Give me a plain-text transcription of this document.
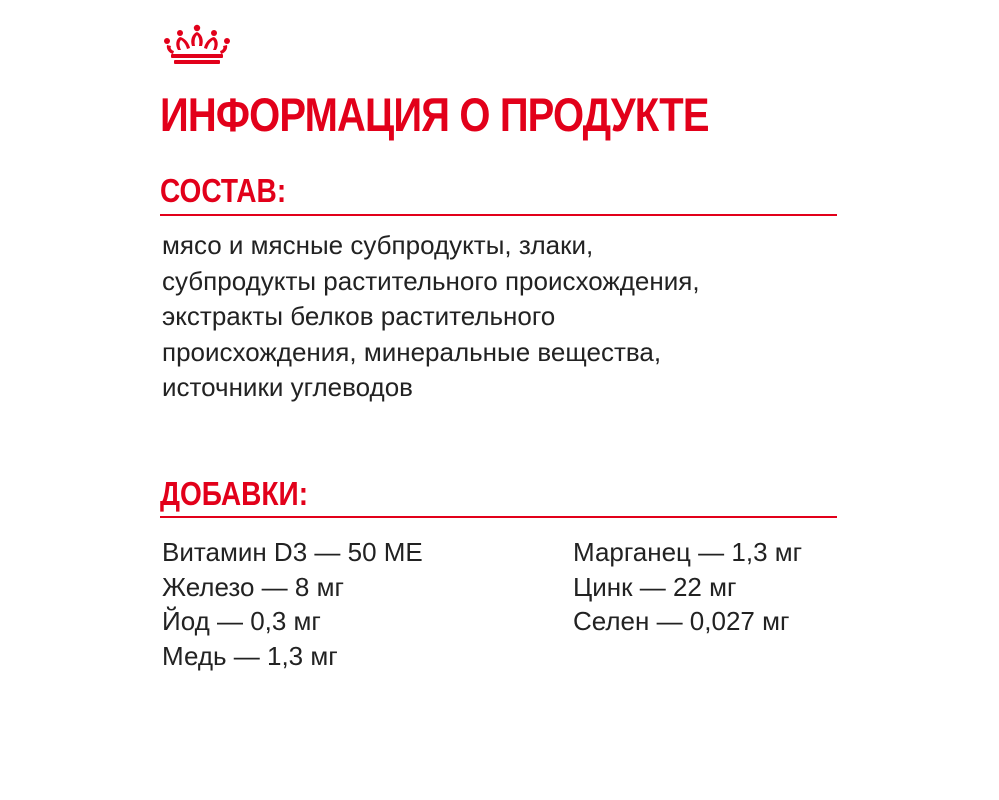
ИНФОРМАЦИЯ О ПРОДУКТЕ
СОСТАВ:

мясо и мясные субпродукты, злаки,
субпродукты растительного происхождения,
экстракты белков растительного
происхождения, минеральные вещества,
источники углеводов

ДОБАВКИ:
Витамин D3 — 50 МЕ
Железо — 8 мг
Йод — 0,3 мг
Медь — 1,3 мг
Марганец — 1,3 мг
Цинк — 22 мг
Селен — 0,027 мг
